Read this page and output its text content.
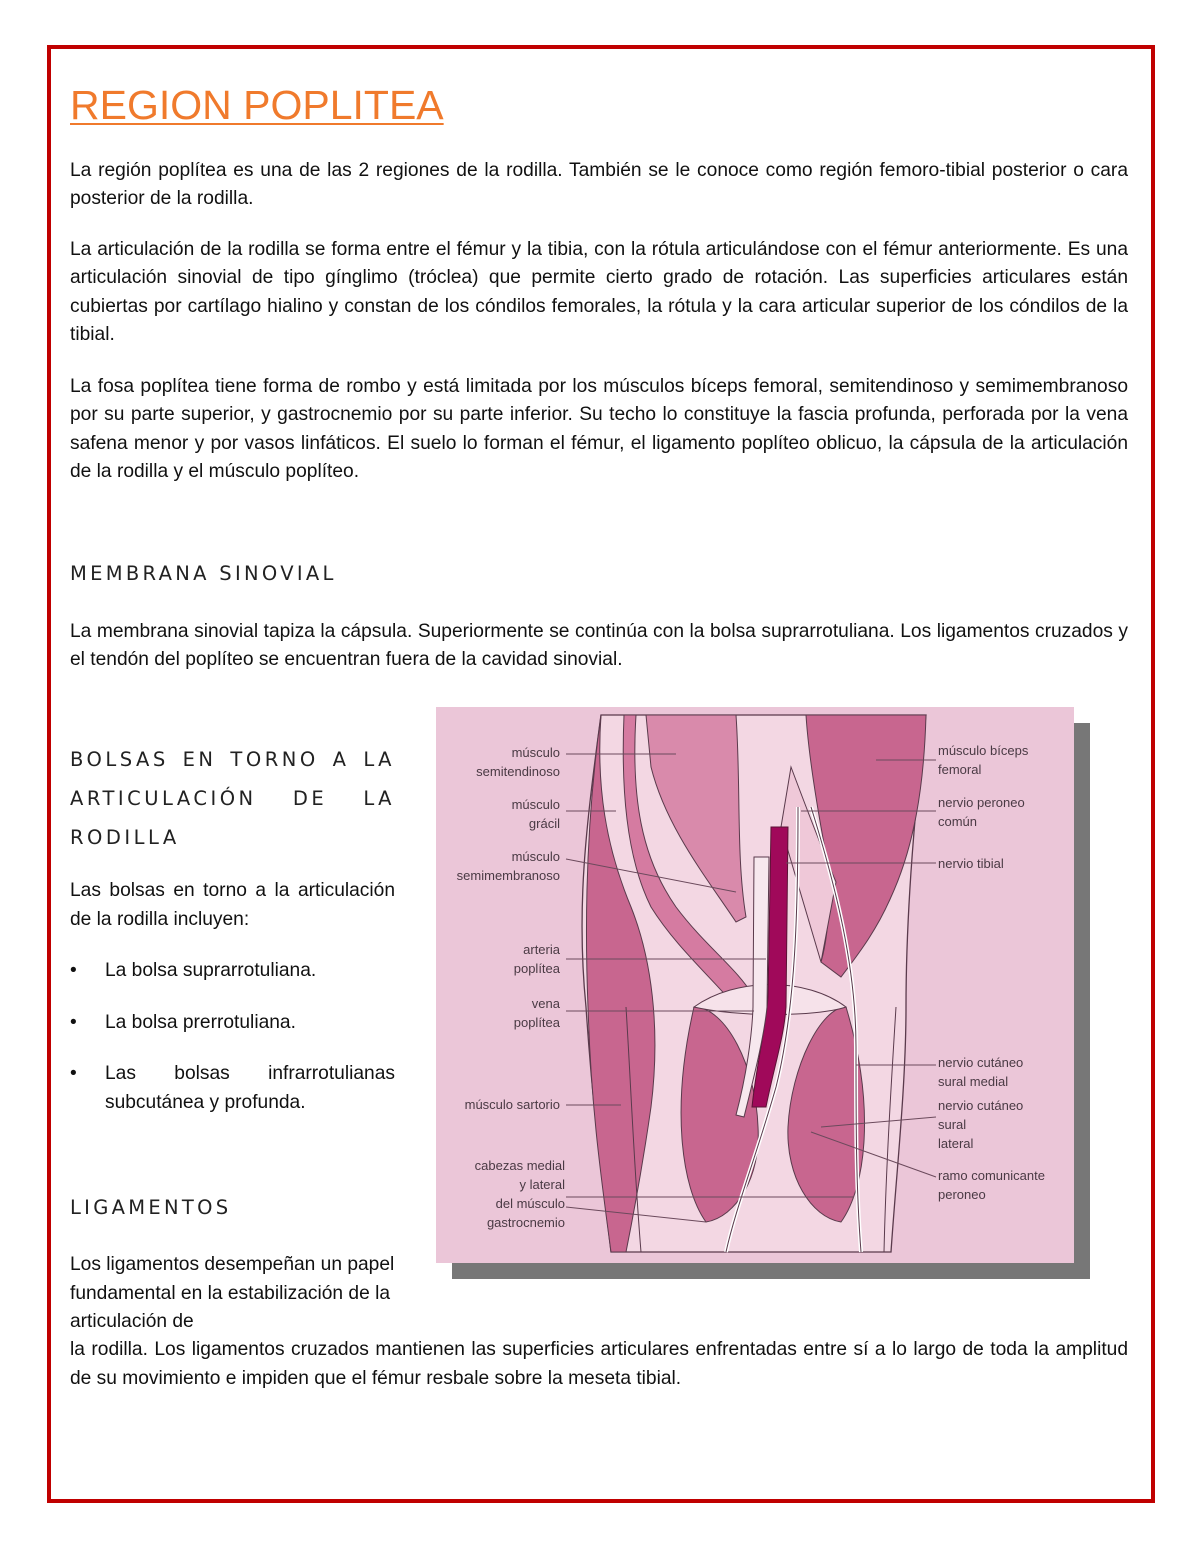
REGION POPLITEA

La región poplítea es una de las 2 regiones de la rodilla. También se le conoce como región femoro-tibial posterior o cara posterior de la rodilla.

La articulación de la rodilla se forma entre el fémur y la tibia, con la rótula articulándose con el fémur anteriormente. Es una articulación sinovial de tipo gínglimo (tróclea) que permite cierto grado de rotación. Las superficies articulares están cubiertas por cartílago hialino y constan de los cóndilos femorales, la rótula y la cara articular superior de los cóndilos de la tibial.

La fosa poplítea tiene forma de rombo y está limitada por los músculos bíceps femoral, semitendinoso y semimembranoso por su parte superior, y gastrocnemio por su parte inferior. Su techo lo constituye la fascia profunda, perforada por la vena safena menor y por vasos linfáticos. El suelo lo forman el fémur, el ligamento poplíteo oblicuo, la cápsula de la articulación de la rodilla y el músculo poplíteo.

MEMBRANA SINOVIAL

La membrana sinovial tapiza la cápsula. Superiormente se continúa con la bolsa suprarrotuliana. Los ligamentos cruzados y el tendón del poplíteo se encuentran fuera de la cavidad sinovial.

BOLSAS EN TORNO A LA ARTICULACIÓN DE LA RODILLA

Las bolsas en torno a la articulación de la rodilla incluyen:

• La bolsa suprarrotuliana.
• La bolsa prerrotuliana.
• Las bolsas infrarrotulianas subcutánea y profunda.
LIGAMENTOS

Los ligamentos desempeñan un papel fundamental en la estabilización de la articulación de

la rodilla. Los ligamentos cruzados mantienen las superficies articulares enfrentadas entre sí a lo largo de toda la amplitud de su movimiento e impiden que el fémur resbale sobre la meseta tibial.

músculo
semitendinoso
músculo
grácil
músculo
semimembranoso
arteria
poplítea
vena
poplítea
músculo sartorio
cabezas medial
y lateral
del músculo
gastrocnemio
músculo bíceps
femoral
nervio peroneo
común
nervio tibial
nervio cutáneo
sural medial
nervio cutáneo
sural
lateral
ramo comunicante
peroneo
